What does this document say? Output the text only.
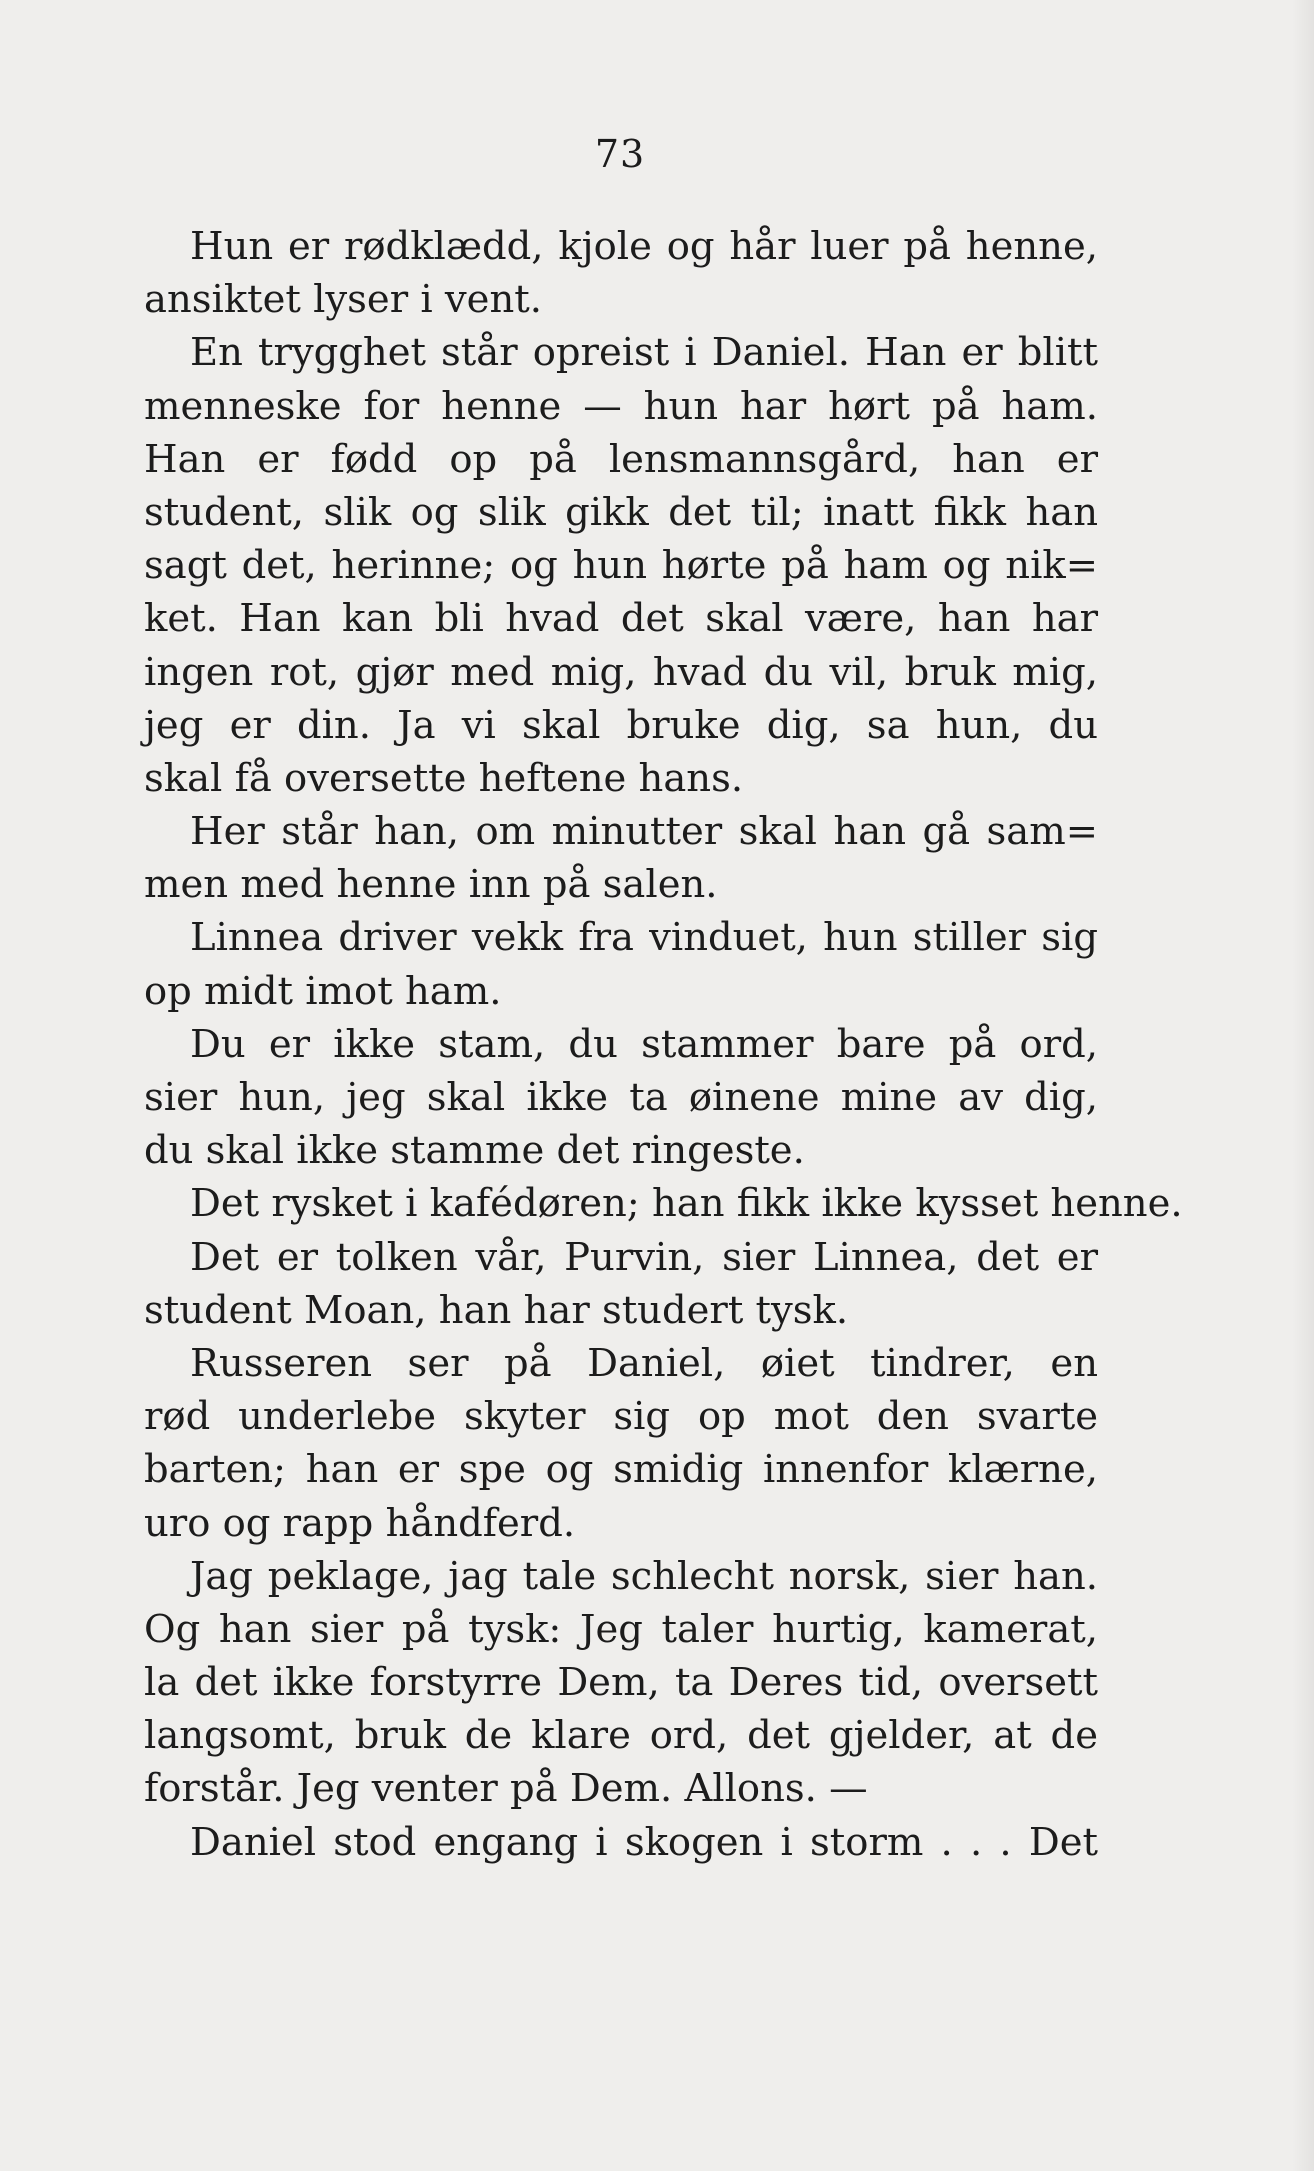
73
Hun er rødklædd, kjole og hår luer på henne,
ansiktet lyser i vent.
En trygghet står opreist i Daniel. Han er blitt
menneske for henne — hun har hørt på ham.
Han er fødd op på lensmannsgård, han er
student, slik og slik gikk det til; inatt fikk han
sagt det, herinne; og hun hørte på ham og nik=
ket. Han kan bli hvad det skal være, han har
ingen rot, gjør med mig, hvad du vil, bruk mig,
jeg er din. Ja vi skal bruke dig, sa hun, du
skal få oversette heftene hans.
Her står han, om minutter skal han gå sam=
men med henne inn på salen.
Linnea driver vekk fra vinduet, hun stiller sig
op midt imot ham.
Du er ikke stam, du stammer bare på ord,
sier hun, jeg skal ikke ta øinene mine av dig,
du skal ikke stamme det ringeste.
Det rysket i kafédøren; han fikk ikke kysset henne.
Det er tolken vår, Purvin, sier Linnea, det er
student Moan, han har studert tysk.
Russeren ser på Daniel, øiet tindrer, en
rød underlebe skyter sig op mot den svarte
barten; han er spe og smidig innenfor klærne,
uro og rapp håndferd.
Jag peklage, jag tale schlecht norsk, sier han.
Og han sier på tysk: Jeg taler hurtig, kamerat,
la det ikke forstyrre Dem, ta Deres tid, oversett
langsomt, bruk de klare ord, det gjelder, at de
forstår. Jeg venter på Dem. Allons. —
Daniel stod engang i skogen i storm . . . Det
